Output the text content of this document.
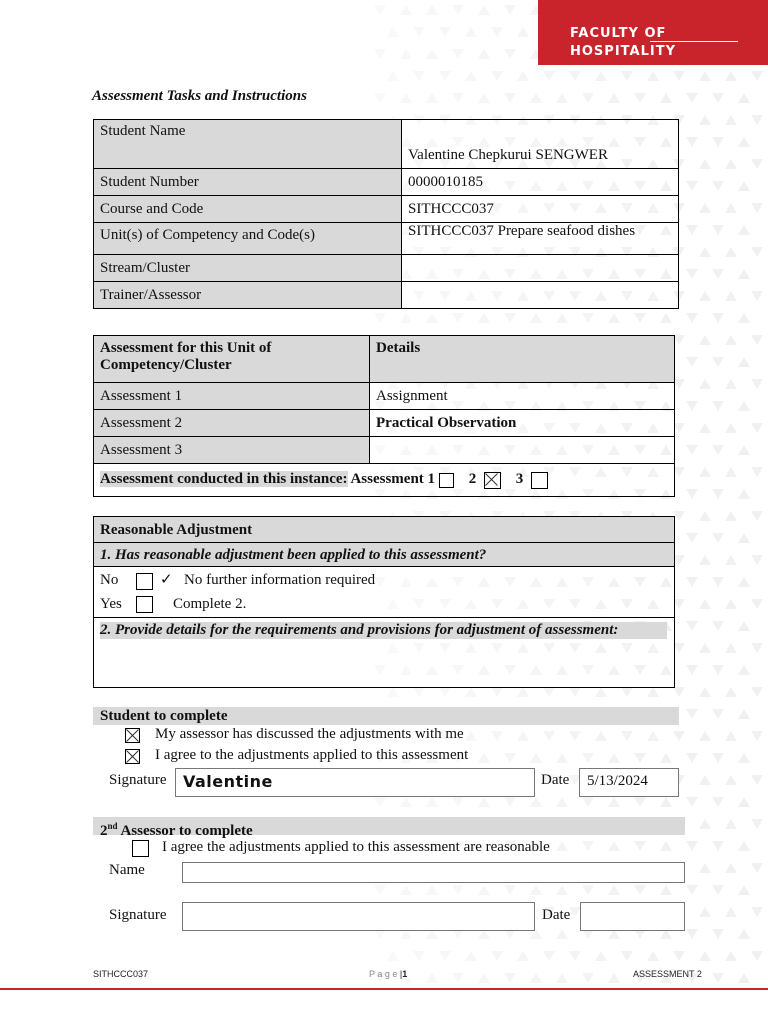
FACULTY OF
HOSPITALITY
Assessment Tasks and Instructions
Student Name	Valentine Chepkurui SENGWER
Student Number	0000010185
Course and Code	SITHCCC037
Unit(s) of Competency and Code(s)	SITHCCC037 Prepare seafood dishes
Stream/Cluster	
Trainer/Assessor	
Assessment for this Unit of Competency/Cluster	Details
Assessment 1	Assignment
Assessment 2	Practical Observation
Assessment 3	
Assessment conducted in this instance: Assessment 1 2 3	
Reasonable Adjustment
1. Has reasonable adjustment been applied to this assessment?
No	✓ No further information required
Yes	Complete 2.
2. Provide details for the requirements and provisions for adjustment of assessment:
Student to complete
My assessor has discussed the adjustments with me
I agree to the adjustments applied to this assessment
Signature	Valentine	Date	5/13/2024
2nd Assessor to complete
I agree the adjustments applied to this assessment are reasonable
Name
Signature	Date
SITHCCC037	P a g e |1	ASSESSMENT 2
